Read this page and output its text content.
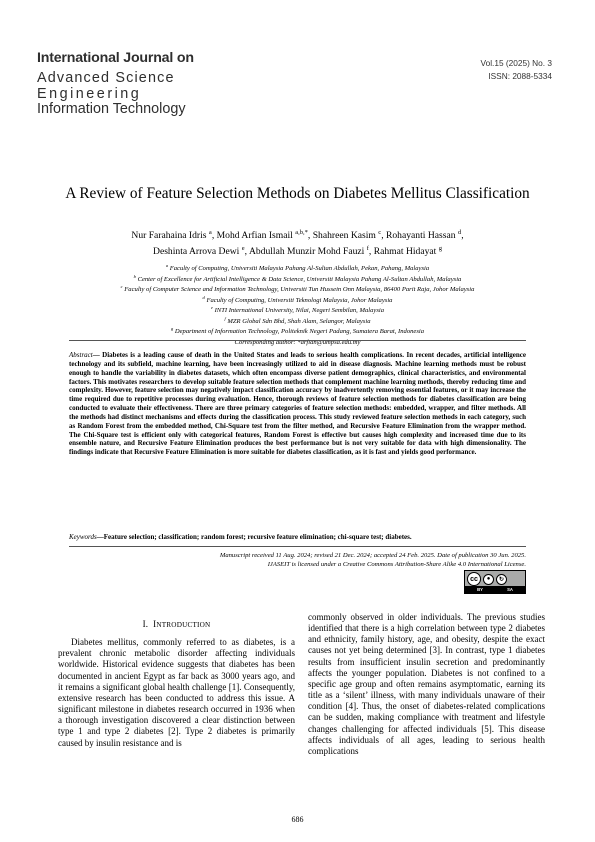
International Journal on
Advanced Science
Engineering
Information Technology
Vol.15 (2025) No. 3
ISSN: 2088-5334
A Review of Feature Selection Methods on Diabetes Mellitus Classification
Nur Farahaina Idris $^a$, Mohd Arfian Ismail $^{a,b,*}$, Shahreen Kasim $^c$, Rohayanti Hassan $^d$,
Deshinta Arrova Dewi $^e$, Abdullah Munzir Mohd Fauzi $^f$, Rahmat Hidayat $^g$
$^a$ Faculty of Computing, Universiti Malaysia Pahang Al-Sultan Abdullah, Pekan, Pahang, Malaysia
$^b$ Center of Excellence for Artificial Intelligence & Data Science, Universiti Malaysia Pahang Al-Sultan Abdullah, Malaysia
$^c$ Faculty of Computer Science and Information Technology, Universiti Tun Hussein Onn Malaysia, 86400 Parit Raja, Johor Malaysia
$^d$ Faculty of Computing, Universiti Teknologi Malaysia, Johor Malaysia
$^e$ INTI International University, Nilai, Negeri Sembilan, Malaysia
$^f$ MZR Global Sdn Bhd, Shah Alam, Selangor, Malaysia
$^g$ Department of Information Technology, Politeknik Negeri Padang, Sumatera Barat, Indonesia
Corresponding author: *arfian@umpsa.edu.my
Abstract— Diabetes is a leading cause of death in the United States and leads to serious health complications. In recent decades, artificial intelligence technology and its subfield, machine learning, have been increasingly utilized to aid in disease diagnosis. Machine learning methods must be robust enough to handle the variability in diabetes datasets, which often encompass diverse patient demographics, clinical characteristics, and environmental factors. This motivates researchers to develop suitable feature selection methods that complement machine learning methods, thereby reducing time and complexity. However, feature selection may negatively impact classification accuracy by inadvertently removing essential features, or it may increase the time required due to repetitive processes during evaluation. Hence, thorough reviews of feature selection methods for diabetes classification are being conducted to evaluate their effectiveness. There are three primary categories of feature selection methods: embedded, wrapper, and filter methods. All the methods had distinct mechanisms and effects during the classification process. This study reviewed feature selection methods in each category, such as Random Forest from the embedded method, Chi-Square test from the filter method, and Recursive Feature Elimination from the wrapper method. The Chi-Square test is efficient only with categorical features, Random Forest is effective but causes high complexity and increased time due to its ensemble nature, and Recursive Feature Elimination produces the best performance but is not very suitable for data with high dimensionality. The findings indicate that Recursive Feature Elimination is more suitable for diabetes classification, as it is fast and yields good performance.
Keywords—Feature selection; classification; random forest; recursive feature elimination; chi-square test; diabetes.
Manuscript received 11 Aug. 2024; revised 21 Dec. 2024; accepted 24 Feb. 2025. Date of publication 30 Jun. 2025.
IJASEIT is licensed under a Creative Commons Attribution-Share Alike 4.0 International License.
cc	●	↻
BY	SA
I. INTRODUCTION

Diabetes mellitus, commonly referred to as diabetes, is a prevalent chronic metabolic disorder affecting individuals worldwide. Historical evidence suggests that diabetes has been documented in ancient Egypt as far back as 3000 years ago, and it remains a significant global health challenge [1]. Consequently, extensive research has been conducted to address this issue. A significant milestone in diabetes research occurred in 1936 when a thorough investigation discovered a clear distinction between type 1 and type 2 diabetes [2]. Type 2 diabetes is primarily caused by insulin resistance and is

commonly observed in older individuals. The previous studies identified that there is a high correlation between type 2 diabetes and ethnicity, family history, age, and obesity, despite the exact causes not yet being determined [3]. In contrast, type 1 diabetes results from insufficient insulin secretion and predominantly affects the younger population. Diabetes is not confined to a specific age group and often remains asymptomatic, earning its title as a ‘silent’ illness, with many individuals unaware of their condition [4]. Thus, the onset of diabetes-related complications can be sudden, making compliance with treatment and lifestyle changes challenging for affected individuals [5]. This disease affects individuals of all ages, leading to serious health complications

686
